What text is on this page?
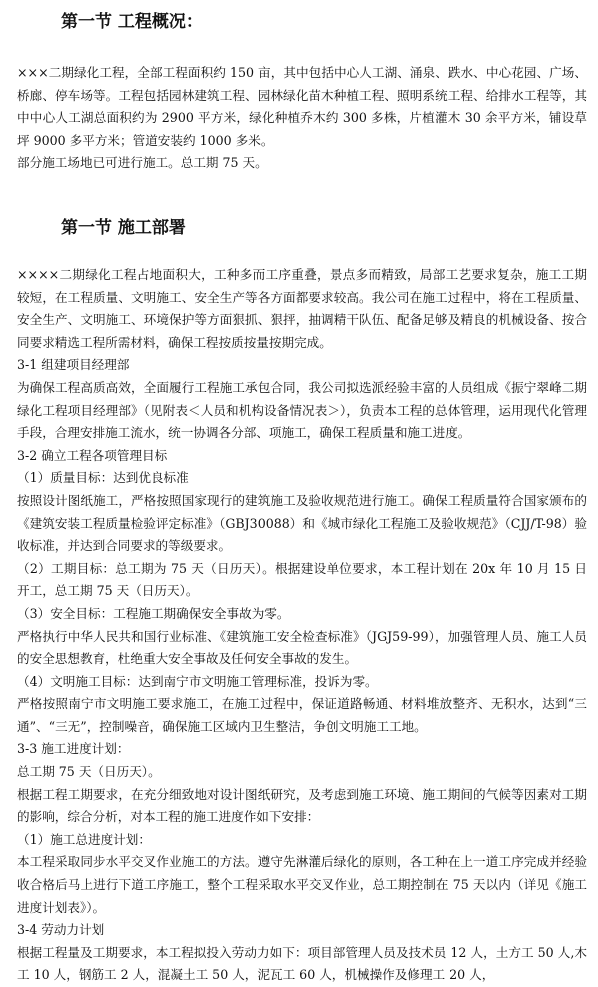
第一节 工程概况：

×××二期绿化工程，全部工程面积约 150 亩，其中包括中心人工湖、涌泉、跌水、中心花园、广场、桥廊、停车场等。工程包括园林建筑工程、园林绿化苗木种植工程、照明系统工程、给排水工程等，其中中心人工湖总面积约为 2900 平方米，绿化种植乔木约 300 多株，片植灌木 30 余平方米，铺设草坪 9000 多平方米；管道安装约 1000 多米。

部分施工场地已可进行施工。总工期 75 天。

第一节 施工部署

××××二期绿化工程占地面积大，工种多而工序重叠，景点多而精致，局部工艺要求复杂，施工工期较短，在工程质量、文明施工、安全生产等各方面都要求较高。我公司在施工过程中，将在工程质量、安全生产、文明施工、环境保护等方面狠抓、狠抨，抽调精干队伍、配备足够及精良的机械设备、按合同要求精选工程所需材料，确保工程按质按量按期完成。

3-1 组建项目经理部

为确保工程高质高效，全面履行工程施工承包合同，我公司拟选派经验丰富的人员组成《振宁翠峰二期绿化工程项目经理部》（见附表＜人员和机构设备情况表＞），负责本工程的总体管理，运用现代化管理手段，合理安排施工流水，统一协调各分部、项施工，确保工程质量和施工进度。

3-2 确立工程各项管理目标

（1）质量目标：达到优良标准

按照设计图纸施工，严格按照国家现行的建筑施工及验收规范进行施工。确保工程质量符合国家颁布的《建筑安装工程质量检验评定标准》（GBJ30088）和《城市绿化工程施工及验收规范》（CJJ/T-98）验收标准，并达到合同要求的等级要求。

（2）工期目标：总工期为 75 天（日历天）。根据建设单位要求，本工程计划在 20x 年 10 月 15 日开工，总工期 75 天（日历天）。

（3）安全目标：工程施工期确保安全事故为零。

严格执行中华人民共和国行业标准、《建筑施工安全检查标准》（JGJ59-99），加强管理人员、施工人员的安全思想教育，杜绝重大安全事故及任何安全事故的发生。

（4）文明施工目标：达到南宁市文明施工管理标准，投诉为零。

严格按照南宁市文明施工要求施工，在施工过程中，保证道路畅通、材料堆放整齐、无积水，达到“三通”、“三无”，控制噪音，确保施工区域内卫生整洁，争创文明施工工地。

3-3 施工进度计划：

总工期 75 天（日历天）。

根据工程工期要求，在充分细致地对设计图纸研究，及考虑到施工环境、施工期间的气候等因素对工期的影响，综合分析，对本工程的施工进度作如下安排：

（1）施工总进度计划：

本工程采取同步水平交叉作业施工的方法。遵守先淋灌后绿化的原则，各工种在上一道工序完成并经验收合格后马上进行下道工序施工，整个工程采取水平交叉作业，总工期控制在 75 天以内（详见《施工进度计划表》）。

3-4 劳动力计划

根据工程量及工期要求，本工程拟投入劳动力如下：项目部管理人员及技术员 12 人，土方工 50 人,木工 10 人，钢筋工 2 人，混凝土工 50 人，泥瓦工 60 人，机械操作及修理工 20 人，
